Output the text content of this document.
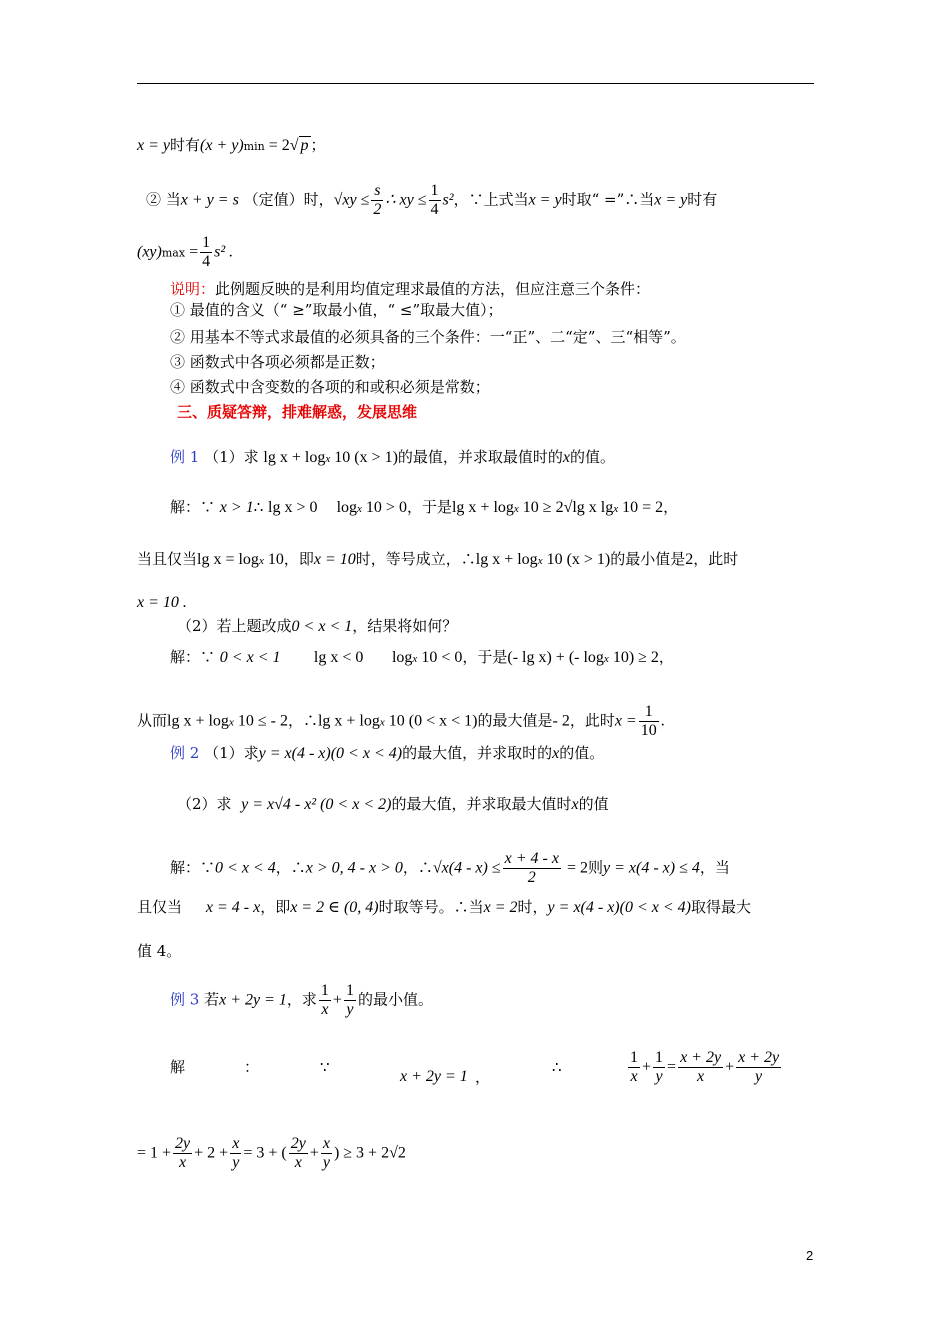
x = y时有(x + y)min = 2√ p ；
② 当x + y = s （定值）时，$√xy \le \frac{s}{2}$ ∴ xy ≤ $\frac{1}{4} s^2$，∵上式当x = y时取“ =”∴当x = y时有
$(xy)\max = \frac{1}{4} s^2$ .
说明：此例题反映的是利用均值定理求最值的方法，但应注意三个条件：
① 最值的含义（“ ≥”取最小值，“ ≤”取最大值）；
② 用基本不等式求最值的必须具备的三个条件：一“正”、二“定”、三“相等”。
③ 函数式中各项必须都是正数；
④ 函数式中含变数的各项的和或积必须是常数；
三、质疑答辩，排难解惑，发展思维
例 1 （1）求 lg x + logx 10 (x > 1)的最值，并求取最值时的x的值。
解：∵ x > 1∴ lg x > 0 logx 10 > 0，于是lg x + logx 10 ≥ 2√lg x lgx 10 = 2，
当且仅当lg x = logx 10，即x = 10时，等号成立，∴lg x + logx 10 (x > 1)的最小值是2，此时
x = 10 .
（2）若上题改成0 < x < 1，结果将如何？
解：∵ 0 < x < 1 lg x < 0 logx 10 < 0，于是(- lg x) + (- logx 10) ≥ 2，
从而lg x + logx 10 ≤ - 2，∴lg x + logx 10 (0 < x < 1)的最大值是- 2，此时$x = \frac{1}{10}$ .
例 2 （1）求y = x(4 - x)(0 < x < 4)的最大值，并求取时的x的值。
（2）求 y = x√4 - x² (0 < x < 2)的最大值，并求取最大值时x的值
解：∵0 < x < 4，∴x > 0, 4 - x > 0，∴√x(4 - $x) \le \frac{x + 4 - x}{2} = 2$则y = x(4 - x) ≤ 4，当
且仅当 x = 4 - x，即x = 2 ∈ (0, 4)时取等号。∴当x = 2时，y = x(4 - x)(0 < x < 4)取得最大
值 4。
例 3 若x + 2y = 1，求 $\frac{1}{x} + \frac{1}{y}$ 的最小值。
解	：	∵
x + 2y = 1 ，
∴	$\frac{1}{x} + \frac{1}{y} = \frac{x + 2y}{x} + \frac{x + 2y}{y}$
= $1 + \frac{2y}{x} + 2 + \frac{x}{y} = 3$ + ( $\frac{2y}{x} + \frac{x}{y}$ ) ≥ 3 + 2√2
2
